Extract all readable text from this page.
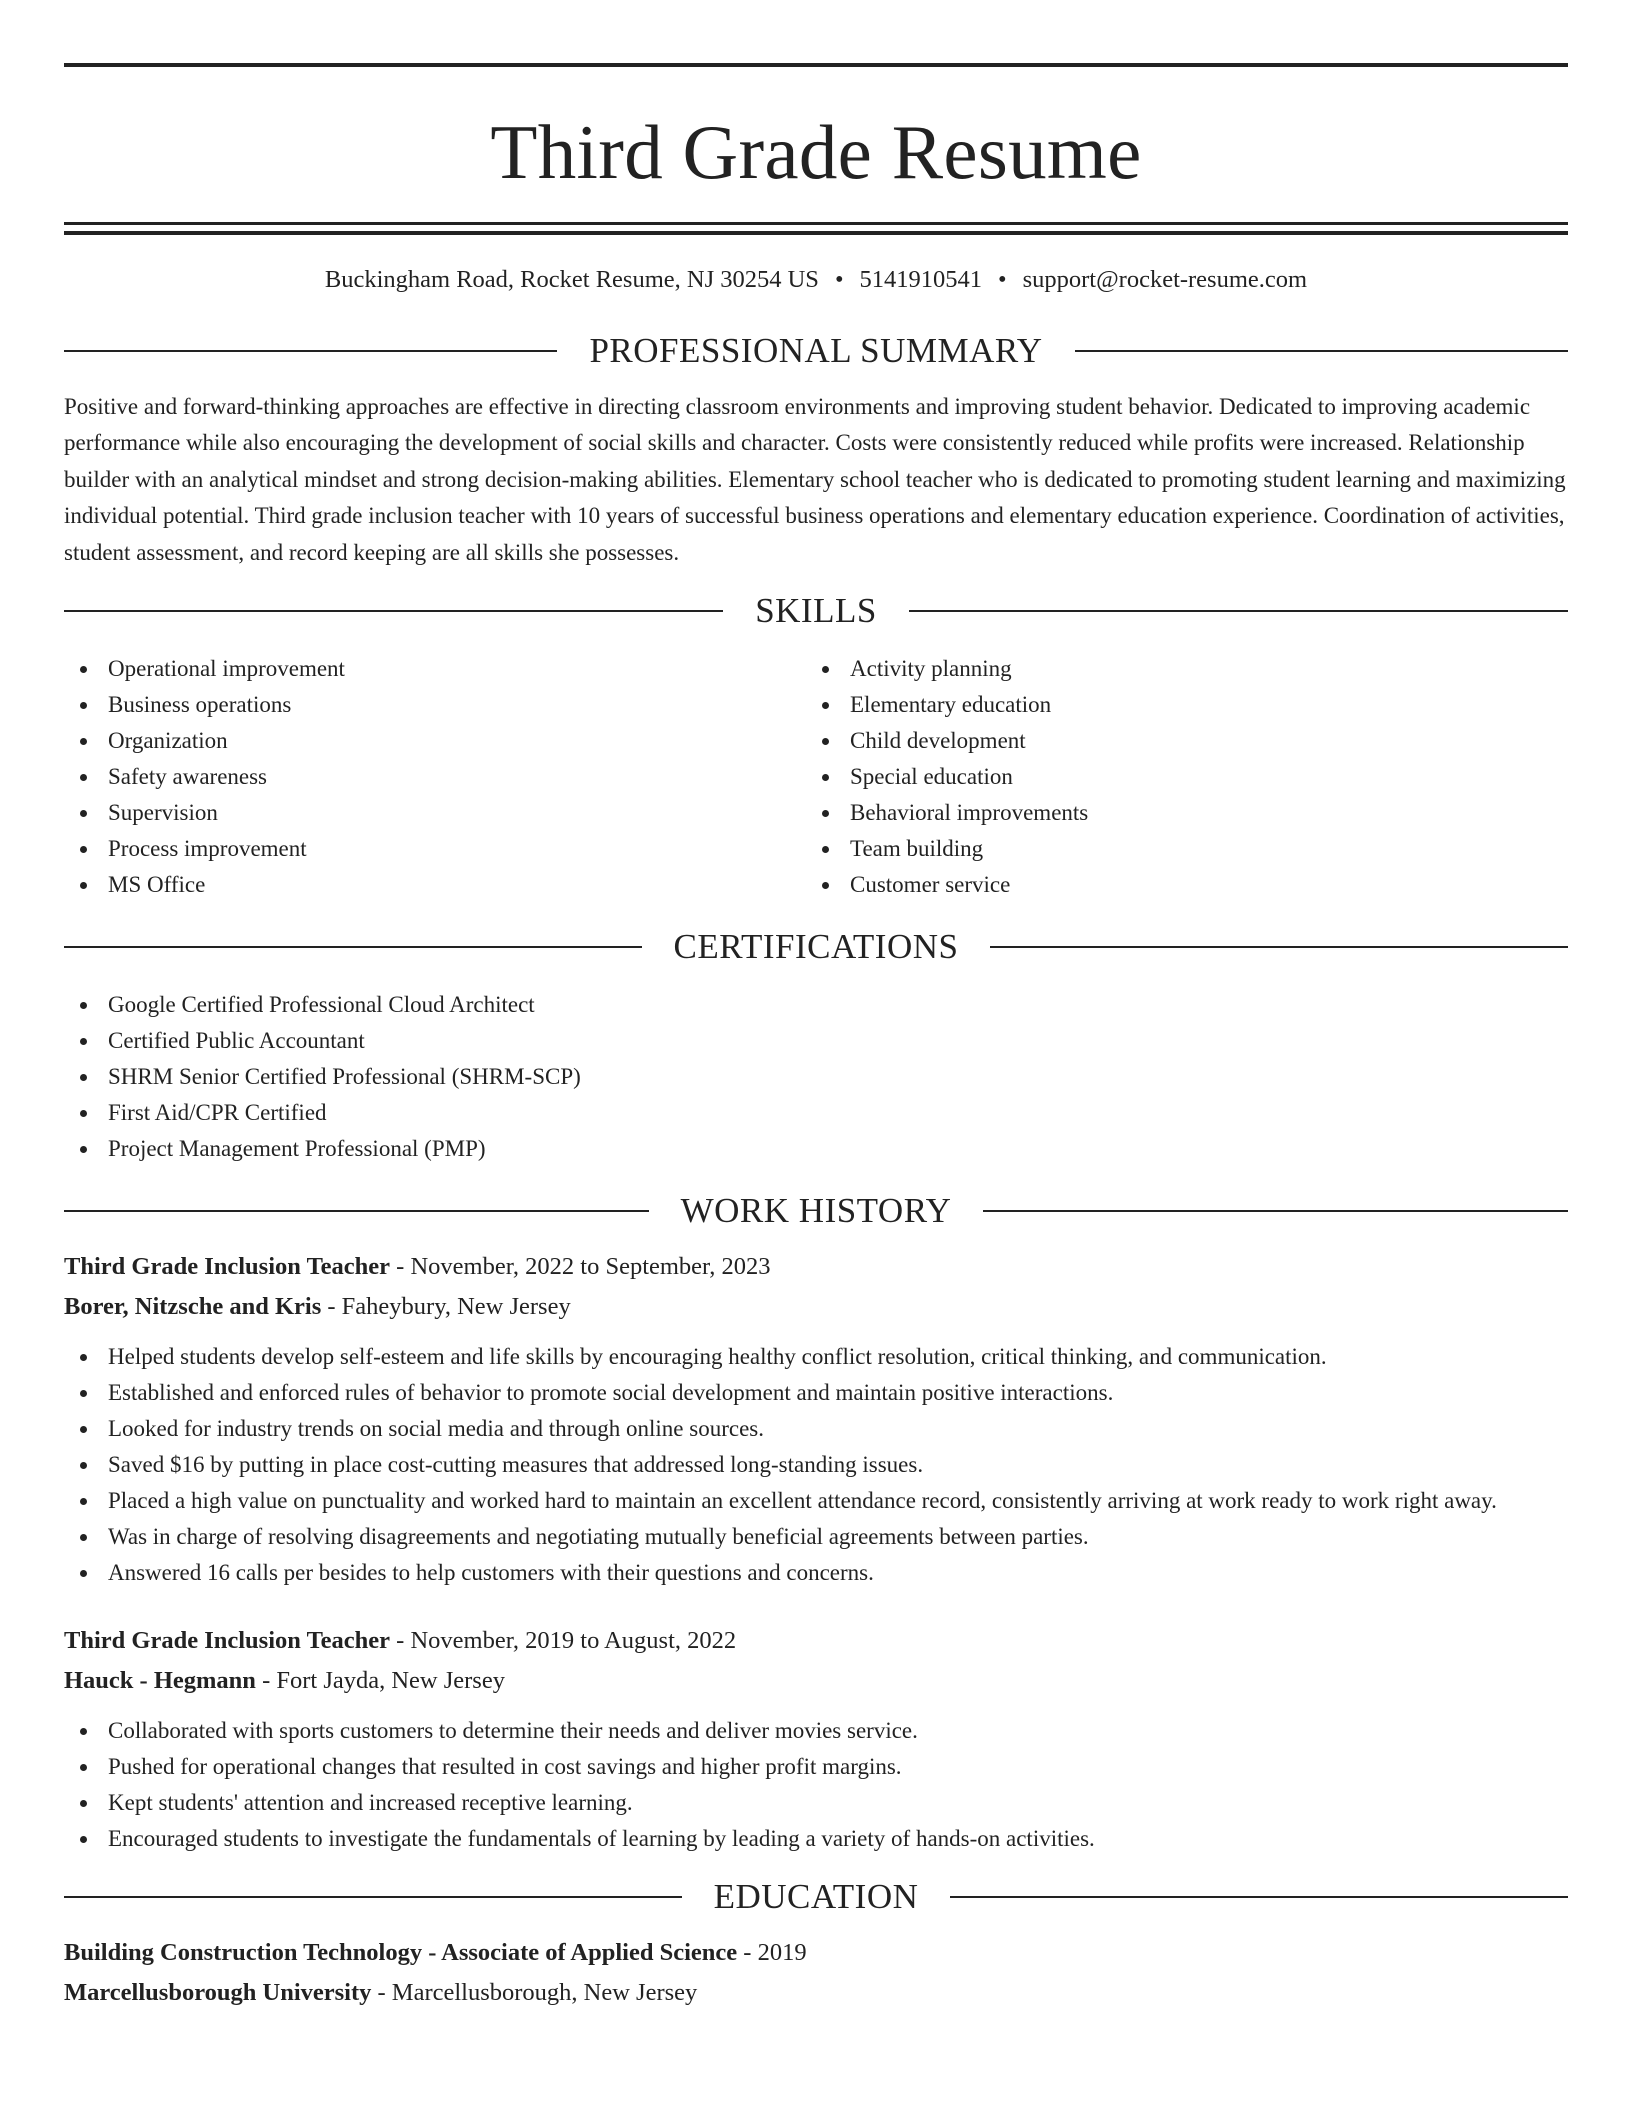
Third Grade Resume
Buckingham Road, Rocket Resume, NJ 30254 US • 5141910541 • support@rocket-resume.com
PROFESSIONAL SUMMARY

Positive and forward-thinking approaches are effective in directing classroom environments and improving student behavior. Dedicated to improving academic performance while also encouraging the development of social skills and character. Costs were consistently reduced while profits were increased. Relationship builder with an analytical mindset and strong decision-making abilities. Elementary school teacher who is dedicated to promoting student learning and maximizing individual potential. Third grade inclusion teacher with 10 years of successful business operations and elementary education experience. Coordination of activities, student assessment, and record keeping are all skills she possesses.

SKILLS
Operational improvement
Business operations
Organization
Safety awareness
Supervision
Process improvement
MS Office
Activity planning
Elementary education
Child development
Special education
Behavioral improvements
Team building
Customer service
CERTIFICATIONS
Google Certified Professional Cloud Architect
Certified Public Accountant
SHRM Senior Certified Professional (SHRM-SCP)
First Aid/CPR Certified
Project Management Professional (PMP)
WORK HISTORY
Third Grade Inclusion Teacher - November, 2022 to September, 2023
Borer, Nitzsche and Kris - Faheybury, New Jersey
Helped students develop self-esteem and life skills by encouraging healthy conflict resolution, critical thinking, and communication.
Established and enforced rules of behavior to promote social development and maintain positive interactions.
Looked for industry trends on social media and through online sources.
Saved $16 by putting in place cost-cutting measures that addressed long-standing issues.
Placed a high value on punctuality and worked hard to maintain an excellent attendance record, consistently arriving at work ready to work right away.
Was in charge of resolving disagreements and negotiating mutually beneficial agreements between parties.
Answered 16 calls per besides to help customers with their questions and concerns.
Third Grade Inclusion Teacher - November, 2019 to August, 2022
Hauck - Hegmann - Fort Jayda, New Jersey
Collaborated with sports customers to determine their needs and deliver movies service.
Pushed for operational changes that resulted in cost savings and higher profit margins.
Kept students' attention and increased receptive learning.
Encouraged students to investigate the fundamentals of learning by leading a variety of hands-on activities.
EDUCATION
Building Construction Technology - Associate of Applied Science - 2019
Marcellusborough University - Marcellusborough, New Jersey
